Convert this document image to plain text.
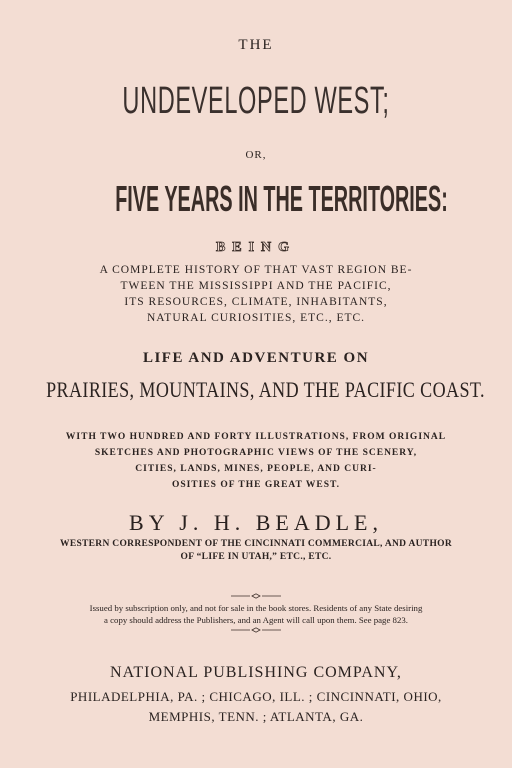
THE
UNDEVELOPED WEST;
OR,
FIVE YEARS IN THE TERRITORIES:
BEING
A COMPLETE HISTORY OF THAT VAST REGION BE-
TWEEN THE MISSISSIPPI AND THE PACIFIC,
ITS RESOURCES, CLIMATE, INHABITANTS,
NATURAL CURIOSITIES, ETC., ETC.
LIFE AND ADVENTURE ON
PRAIRIES, MOUNTAINS, AND THE PACIFIC COAST.
WITH TWO HUNDRED AND FORTY ILLUSTRATIONS, FROM ORIGINAL
SKETCHES AND PHOTOGRAPHIC VIEWS OF THE SCENERY,
CITIES, LANDS, MINES, PEOPLE, AND CURI-
OSITIES OF THE GREAT WEST.
BY J. H. BEADLE,
WESTERN CORRESPONDENT OF THE CINCINNATI COMMERCIAL, AND AUTHOR
OF “LIFE IN UTAH,” ETC., ETC.
Issued by subscription only, and not for sale in the book stores. Residents of any State desiring
a copy should address the Publishers, and an Agent will call upon them. See page 823.
NATIONAL PUBLISHING COMPANY,
PHILADELPHIA, PA. ; CHICAGO, ILL. ; CINCINNATI, OHIO,
MEMPHIS, TENN. ; ATLANTA, GA.
